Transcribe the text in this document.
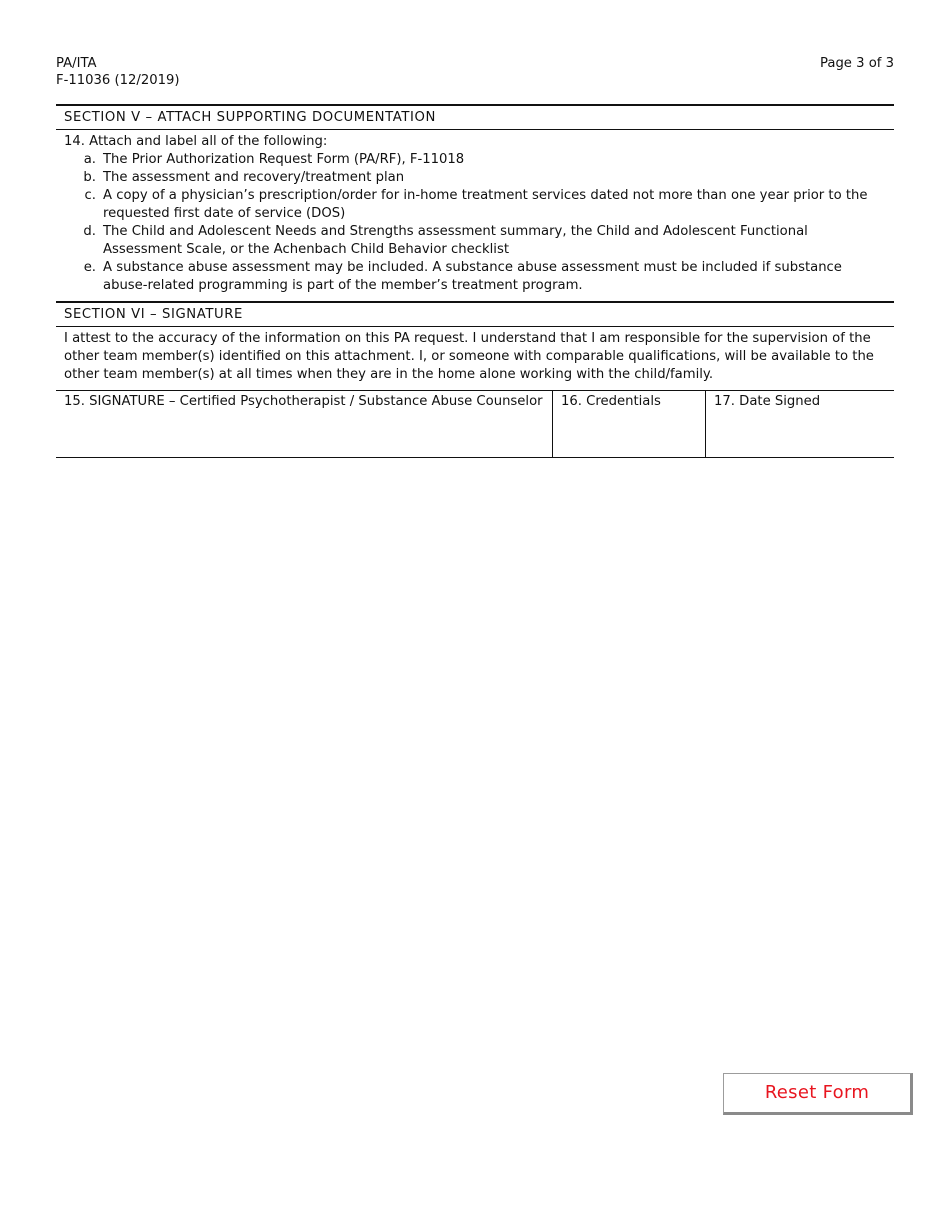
PA/ITA
F-11036 (12/2019)
Page 3 of 3
SECTION V – ATTACH SUPPORTING DOCUMENTATION
14. Attach and label all of the following:
a. The Prior Authorization Request Form (PA/RF), F-11018
b. The assessment and recovery/treatment plan
c. A copy of a physician’s prescription/order for in-home treatment services dated not more than one year prior to the requested first date of service (DOS)
d. The Child and Adolescent Needs and Strengths assessment summary, the Child and Adolescent Functional Assessment Scale, or the Achenbach Child Behavior checklist
e. A substance abuse assessment may be included. A substance abuse assessment must be included if substance abuse-related programming is part of the member’s treatment program.
SECTION VI – SIGNATURE
I attest to the accuracy of the information on this PA request. I understand that I am responsible for the supervision of the other team member(s) identified on this attachment. I, or someone with comparable qualifications, will be available to the other team member(s) at all times when they are in the home alone working with the child/family.
15. SIGNATURE – Certified Psychotherapist / Substance Abuse Counselor	16. Credentials	17. Date Signed
Reset Form
